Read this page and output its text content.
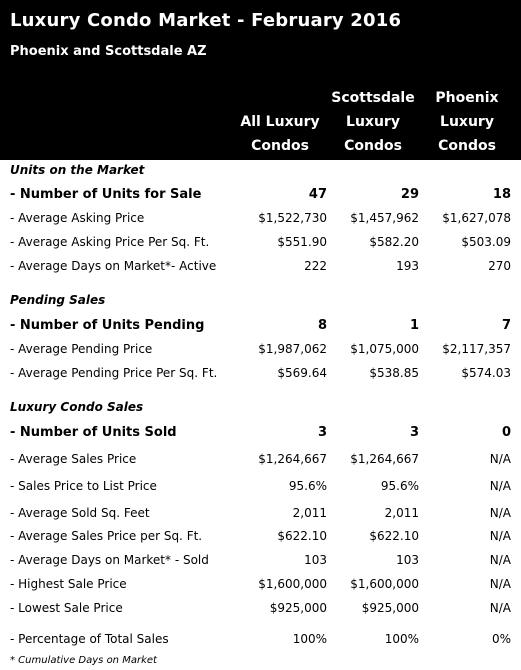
Luxury Condo Market - February 2016
Phoenix and Scottsdale AZ
All Luxury
Condos
Scottsdale
Luxury
Condos
Phoenix
Luxury
Condos
Units on the Market
- Number of Units for Sale	47	29	18
- Average Asking Price	$1,522,730 $1,457,962 $1,627,078
- Average Asking Price Per Sq. Ft.	$551.90	$582.20	$503.09
- Average Days on Market*- Active	222	193	270
Pending Sales
- Number of Units Pending	8	1	7
- Average Pending Price	$1,987,062 $1,075,000 $2,117,357
- Average Pending Price Per Sq. Ft.	$569.64	$538.85	$574.03
Luxury Condo Sales
- Number of Units Sold	3	3	0
- Average Sales Price	$1,264,667 $1,264,667	N/A
- Sales Price to List Price	95.6%	95.6%	N/A
- Average Sold Sq. Feet	2,011	2,011	N/A
- Average Sales Price per Sq. Ft.	$622.10	$622.10	N/A
- Average Days on Market* - Sold	103	103	N/A
- Highest Sale Price	$1,600,000 $1,600,000	N/A
- Lowest Sale Price	$925,000	$925,000	N/A
- Percentage of Total Sales	100%	100%	0%
* Cumulative Days on Market
